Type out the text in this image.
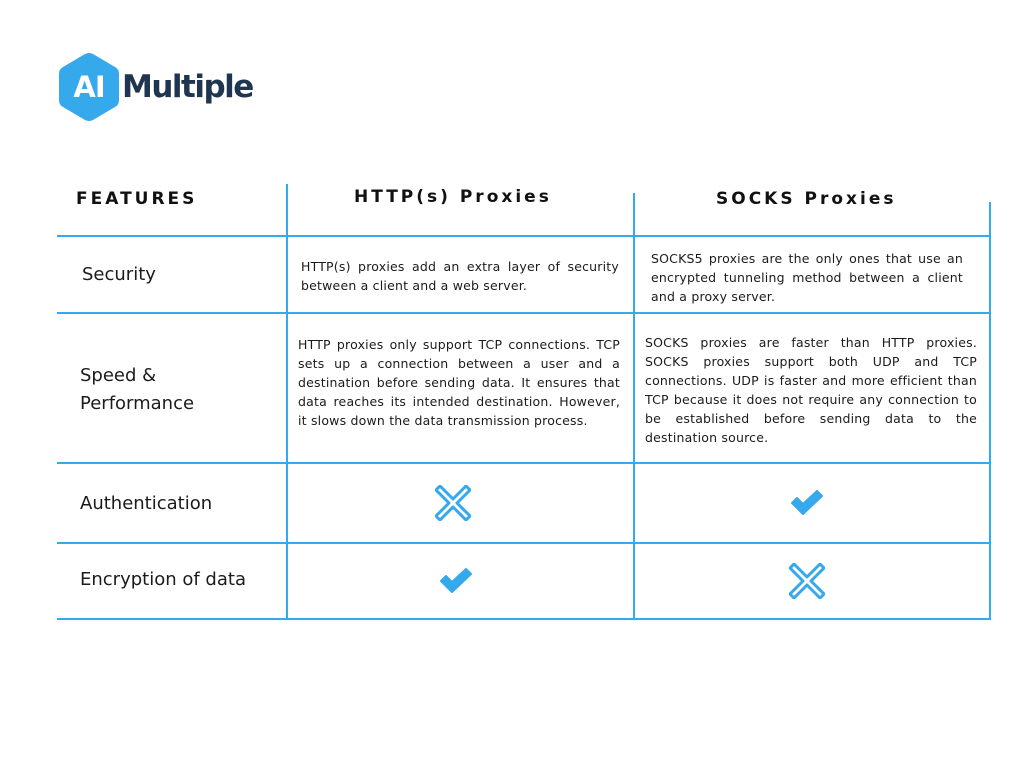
AI Multiple
FEATURES	HTTP(s) Proxies	SOCKS Proxies
Security
Speed & Performance
Authentication
Encryption of data
HTTP(s) proxies add an extra layer of security between a client and a web server.
SOCKS5 proxies are the only ones that use an encrypted tunneling method between a client and a proxy server.
HTTP proxies only support TCP connections. TCP sets up a connection between a user and a destination before sending data. It ensures that data reaches its intended destination. However, it slows down the data transmission process.
SOCKS proxies are faster than HTTP proxies. SOCKS proxies support both UDP and TCP connections. UDP is faster and more efficient than TCP because it does not require any connection to be established before sending data to the destination source.
